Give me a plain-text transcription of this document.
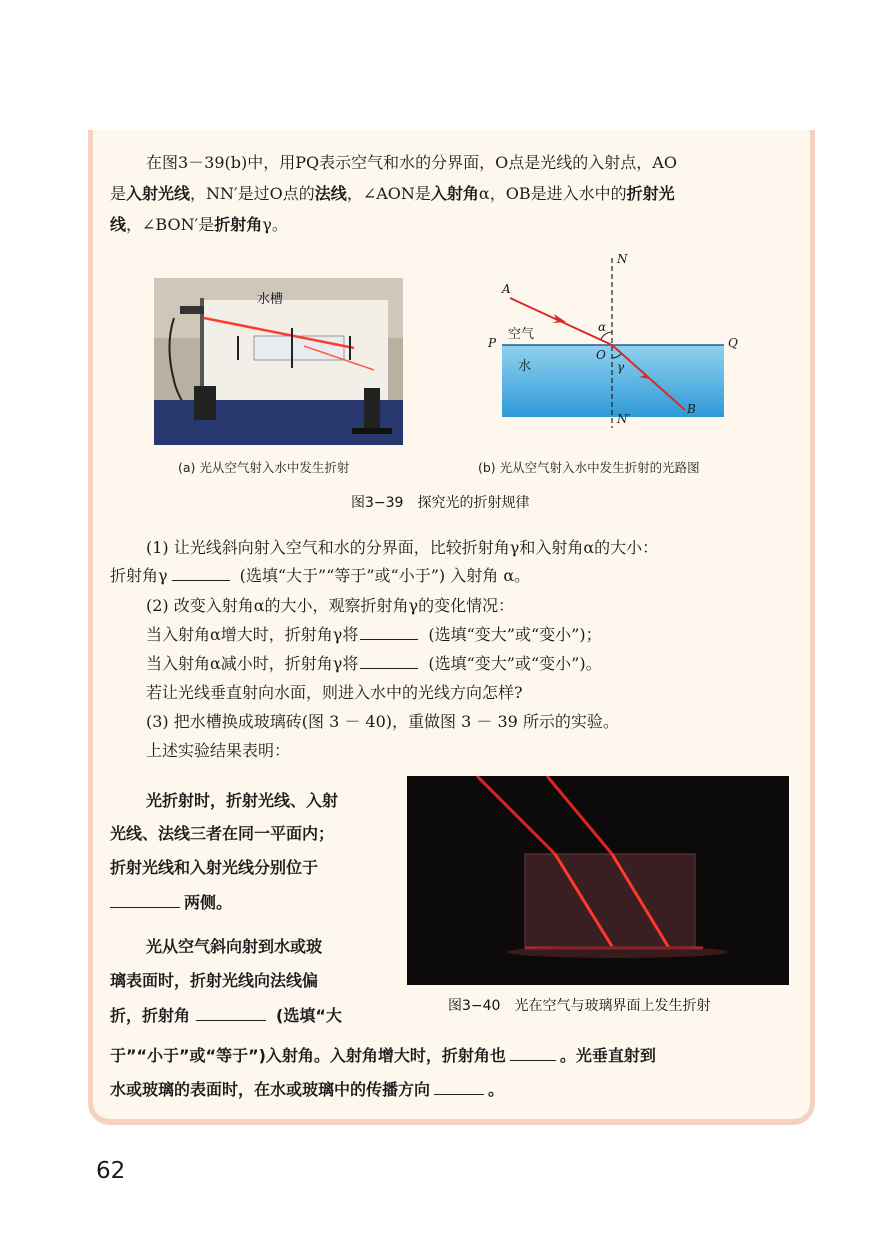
在图3－39(b)中，用PQ表示空气和水的分界面，O点是光线的入射点，AO
是入射光线，NN′是过O点的法线，∠AON是入射角α，OB是进入水中的折射光
线，∠BON′是折射角γ。
水槽
N
A
空气	α
P	Q
水
O
γ
B
N′
(a) 光从空气射入水中发生折射	(b) 光从空气射入水中发生折射的光路图
图3−39　探究光的折射规律
(1) 让光线斜向射入空气和水的分界面，比较折射角γ和入射角α的大小：
折射角γ	(选填“大于”“等于”或“小于”) 入射角 α。
(2) 改变入射角α的大小，观察折射角γ的变化情况：
当入射角α增大时，折射角γ将	(选填“变大”或“变小”)；
当入射角α减小时，折射角γ将	(选填“变大”或“变小”)。
若让光线垂直射向水面，则进入水中的光线方向怎样?
(3) 把水槽换成玻璃砖(图 3 － 40)，重做图 3 － 39 所示的实验。
上述实验结果表明：
光折射时，折射光线、入射
光线、法线三者在同一平面内；
折射光线和入射光线分别位于
两侧。
光从空气斜向射到水或玻
璃表面时，折射光线向法线偏
折，折射角	(选填“大
于”“小于”或“等于”)入射角。入射角增大时，折射角也	。光垂直射到
水或玻璃的表面时，在水或玻璃中的传播方向	。
图3−40　光在空气与玻璃界面上发生折射
62
